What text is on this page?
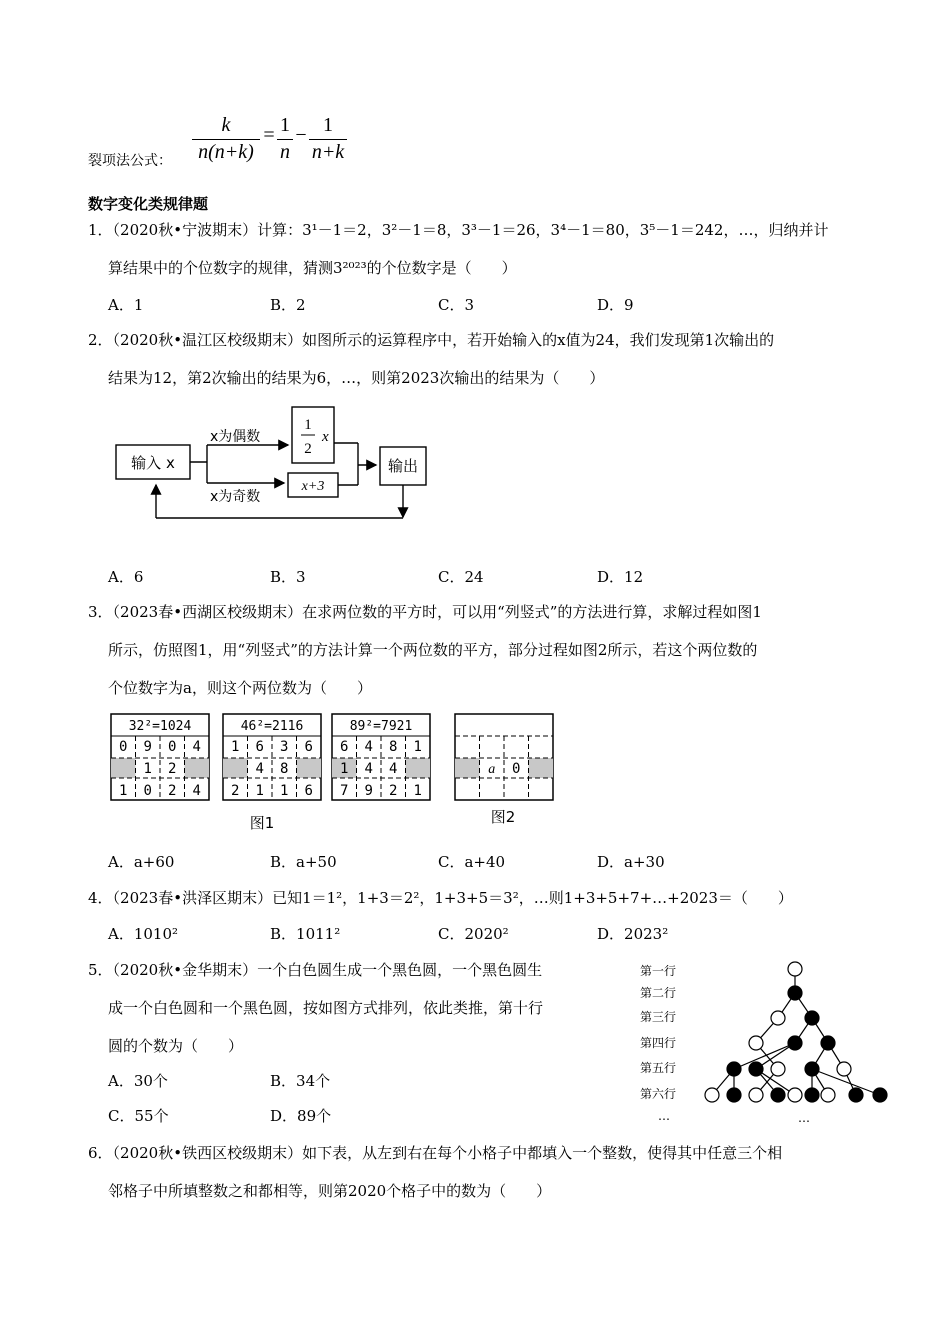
裂项法公式：
k
n(n+k)
= 1
n
− 1
n+k
数字变化类规律题
1．（2020秋•宁波期末）计算：3¹－1＝2，3²－1＝8，3³－1＝26，3⁴－1＝80，3⁵－1＝242，…，归纳并计
算结果中的个位数字的规律，猜测3²⁰²³的个位数字是（　　）
A．1	B．2	C．3	D．9
2．（2020秋•温江区校级期末）如图所示的运算程序中，若开始输入的x值为24，我们发现第1次输出的
结果为12，第2次输出的结果为6，…，则第2023次输出的结果为（　　）
输入 x
x为偶数
x为奇数
1
2
x
x+3
输出
A．6	B．3	C．24	D．12
3．（2023春•西湖区校级期末）在求两位数的平方时，可以用“列竖式”的方法进行算，求解过程如图1
所示，仿照图1，用“列竖式”的方法计算一个两位数的平方，部分过程如图2所示，若这个两位数的
个位数字为a，则这个两位数为（　　）
32²=1024
0 9 0 4
1 2
1 0 2 4
46²=2116
1 6 3 6
4 8
2 1 1 6
89²=7921
6 4 8 1
1 4 4
7 9 2 1
a 0
图1	图2
A．a+60	B．a+50	C．a+40	D．a+30
4．（2023春•洪泽区期末）已知1＝1²，1+3＝2²，1+3+5＝3²，…则1+3+5+7+…+2023＝（　　）
A．1010²	B．1011²	C．2020²	D．2023²
5．（2020秋•金华期末）一个白色圆生成一个黑色圆，一个黑色圆生
成一个白色圆和一个黑色圆，按如图方式排列，依此类推，第十行
圆的个数为（　　）
A．30个	B．34个
C．55个	D．89个
第一行
第二行
第三行
第四行
第五行
第六行
…	…
6．（2020秋•铁西区校级期末）如下表，从左到右在每个小格子中都填入一个整数，使得其中任意三个相
邻格子中所填整数之和都相等，则第2020个格子中的数为（　　）
